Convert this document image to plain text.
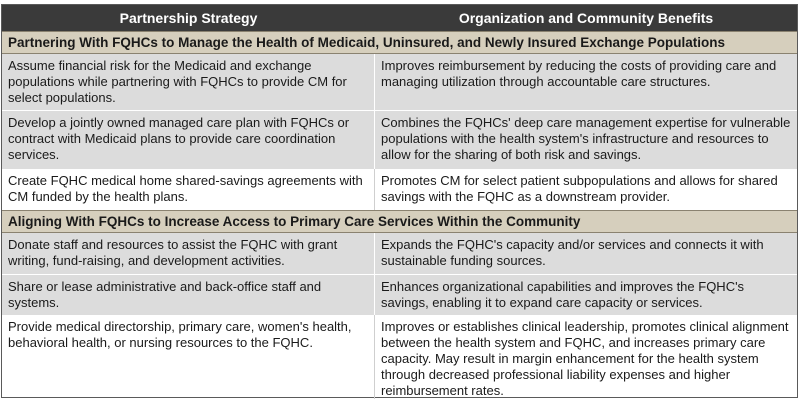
Partnership Strategy	Organization and Community Benefits
Partnering With FQHCs to Manage the Health of Medicaid, Uninsured, and Newly Insured Exchange Populations
Assume financial risk for the Medicaid and exchange populations while partnering with FQHCs to provide CM for select populations.
Improves reimbursement by reducing the costs of providing care and managing utilization through accountable care structures.
Develop a jointly owned managed care plan with FQHCs or contract with Medicaid plans to provide care coordination services.
Combines the FQHCs' deep care management expertise for vulnerable populations with the health system's infrastructure and resources to allow for the sharing of both risk and savings.
Create FQHC medical home shared-savings agreements with CM funded by the health plans.
Promotes CM for select patient subpopulations and allows for shared savings with the FQHC as a downstream provider.
Aligning With FQHCs to Increase Access to Primary Care Services Within the Community
Donate staff and resources to assist the FQHC with grant writing, fund-raising, and development activities.
Expands the FQHC's capacity and/or services and connects it with sustainable funding sources.
Share or lease administrative and back-office staff and systems.
Enhances organizational capabilities and improves the FQHC's savings, enabling it to expand care capacity or services.
Provide medical directorship, primary care, women's health, behavioral health, or nursing resources to the FQHC.
Improves or establishes clinical leadership, promotes clinical alignment between the health system and FQHC, and increases primary care capacity. May result in margin enhancement for the health system through decreased professional liability expenses and higher reimbursement rates.
